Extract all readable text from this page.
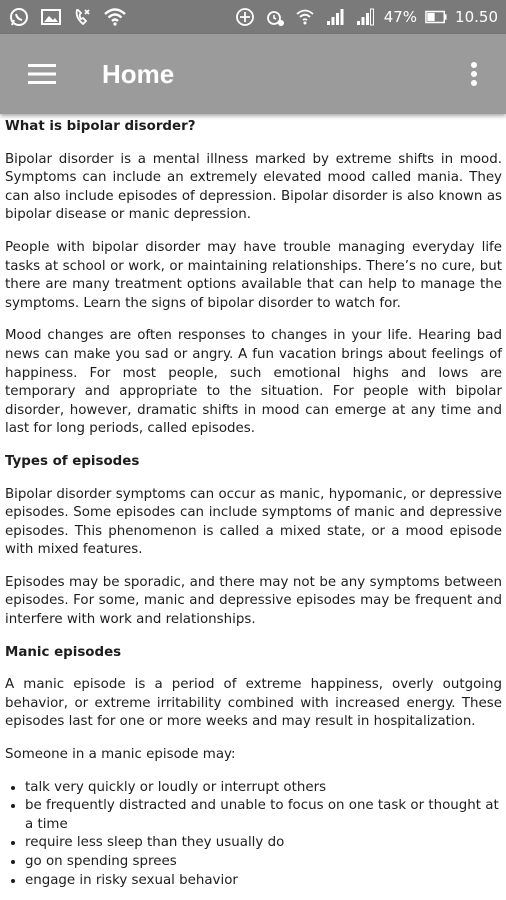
47%	10.50
Home
What is bipolar disorder?

Bipolar disorder is a mental illness marked by extreme shifts in mood. Symptoms can include an extremely elevated mood called mania. They can also include episodes of depression. Bipolar disorder is also known as bipolar disease or manic depression.

People with bipolar disorder may have trouble managing everyday life tasks at school or work, or maintaining relationships. There’s no cure, but there are many treatment options available that can help to manage the symptoms. Learn the signs of bipolar disorder to watch for.

Mood changes are often responses to changes in your life. Hearing bad news can make you sad or angry. A fun vacation brings about feelings of happiness. For most people, such emotional highs and lows are temporary and appropriate to the situation. For people with bipolar disorder, however, dramatic shifts in mood can emerge at any time and last for long periods, called episodes.

Types of episodes

Bipolar disorder symptoms can occur as manic, hypomanic, or depressive episodes. Some episodes can include symptoms of manic and depressive episodes. This phenomenon is called a mixed state, or a mood episode with mixed features.

Episodes may be sporadic, and there may not be any symptoms between episodes. For some, manic and depressive episodes may be frequent and interfere with work and relationships.

Manic episodes

A manic episode is a period of extreme happiness, overly outgoing behavior, or extreme irritability combined with increased energy. These episodes last for one or more weeks and may result in hospitalization.

Someone in a manic episode may:

• talk very quickly or loudly or interrupt others
• be frequently distracted and unable to focus on one task or thought at a time
• require less sleep than they usually do
• go on spending sprees
• engage in risky sexual behavior
